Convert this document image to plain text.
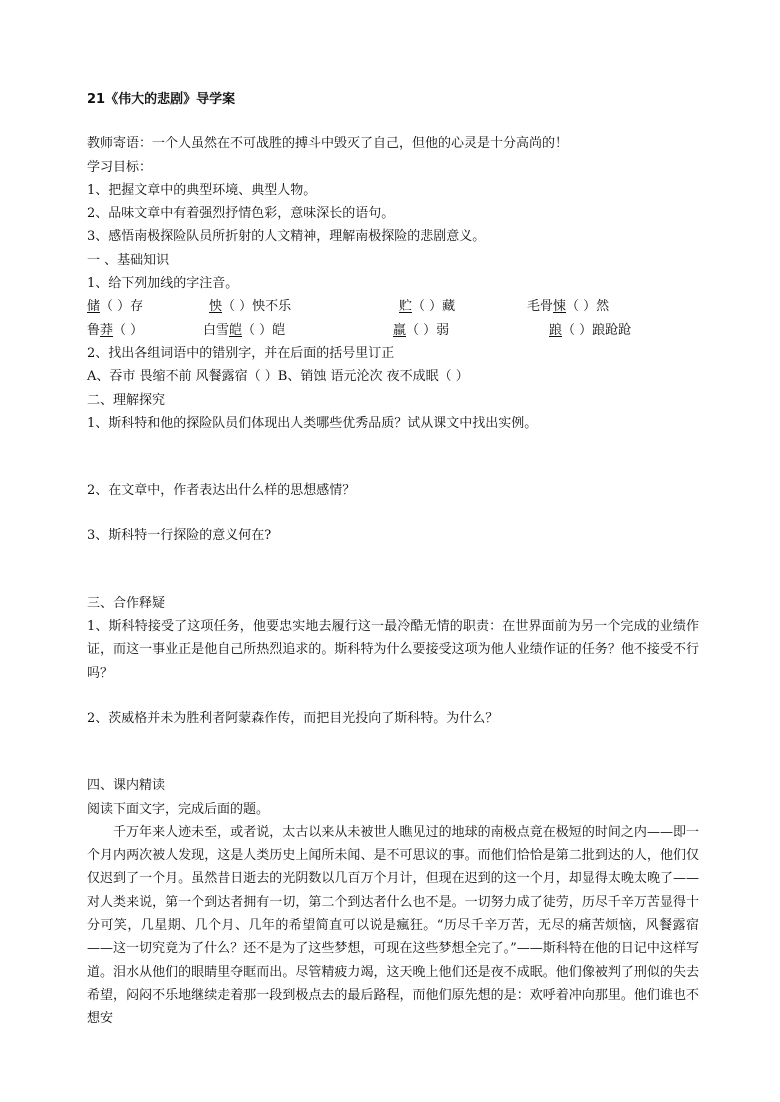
21《伟大的悲剧》导学案
教师寄语：一个人虽然在不可战胜的搏斗中毁灭了自己，但他的心灵是十分高尚的！
学习目标：
1、把握文章中的典型环境、典型人物。
2、品味文章中有着强烈抒情色彩，意味深长的语句。
3、感悟南极探险队员所折射的人文精神，理解南极探险的悲剧意义。
一 、基础知识
1、给下列加线的字注音。
储（ ）存	怏（ ）怏不乐	贮（ ）藏	毛骨悚（ ）然
鲁莽（ ）	白雪皑（ ）皑	羸（ ）弱	踉（ ）踉跄跄
2、找出各组词语中的错别字，并在后面的括号里订正
A、吞市 畏缩不前 风餐露宿（ ）B、销蚀 语元沦次 夜不成眠（ ）
二、理解探究
1、斯科特和他的探险队员们体现出人类哪些优秀品质？试从课文中找出实例。
2、在文章中，作者表达出什么样的思想感情？
3、斯科特一行探险的意义何在?
三、合作释疑
1、斯科特接受了这项任务，他要忠实地去履行这一最冷酷无情的职责：在世界面前为另一个完成的业绩作证，而这一事业正是他自己所热烈追求的。斯科特为什么要接受这项为他人业绩作证的任务？他不接受不行吗？
2、茨威格并未为胜利者阿蒙森作传，而把目光投向了斯科特。为什么？
四、课内精读
阅读下面文字，完成后面的题。
千万年来人迹未至，或者说，太古以来从未被世人瞧见过的地球的南极点竟在极短的时间之内——即一个月内两次被人发现，这是人类历史上闻所未闻、是不可思议的事。而他们恰恰是第二批到达的人，他们仅仅迟到了一个月。虽然昔日逝去的光阴数以几百万个月计，但现在迟到的这一个月，却显得太晚太晚了——对人类来说，第一个到达者拥有一切，第二个到达者什么也不是。一切努力成了徒劳，历尽千辛万苦显得十分可笑，几星期、几个月、几年的希望简直可以说是瘋狂。“历尽千辛万苦，无尽的痛苦烦恼，风餐露宿——这一切究竟为了什么？还不是为了这些梦想，可现在这些梦想全完了。”——斯科特在他的日记中这样写道。泪水从他们的眼睛里夺眶而出。尽管精疲力竭，这天晚上他们还是夜不成眠。他们像被判了刑似的失去希望，闷闷不乐地继续走着那一段到极点去的最后路程，而他们原先想的是：欢呼着冲向那里。他们谁也不想安
